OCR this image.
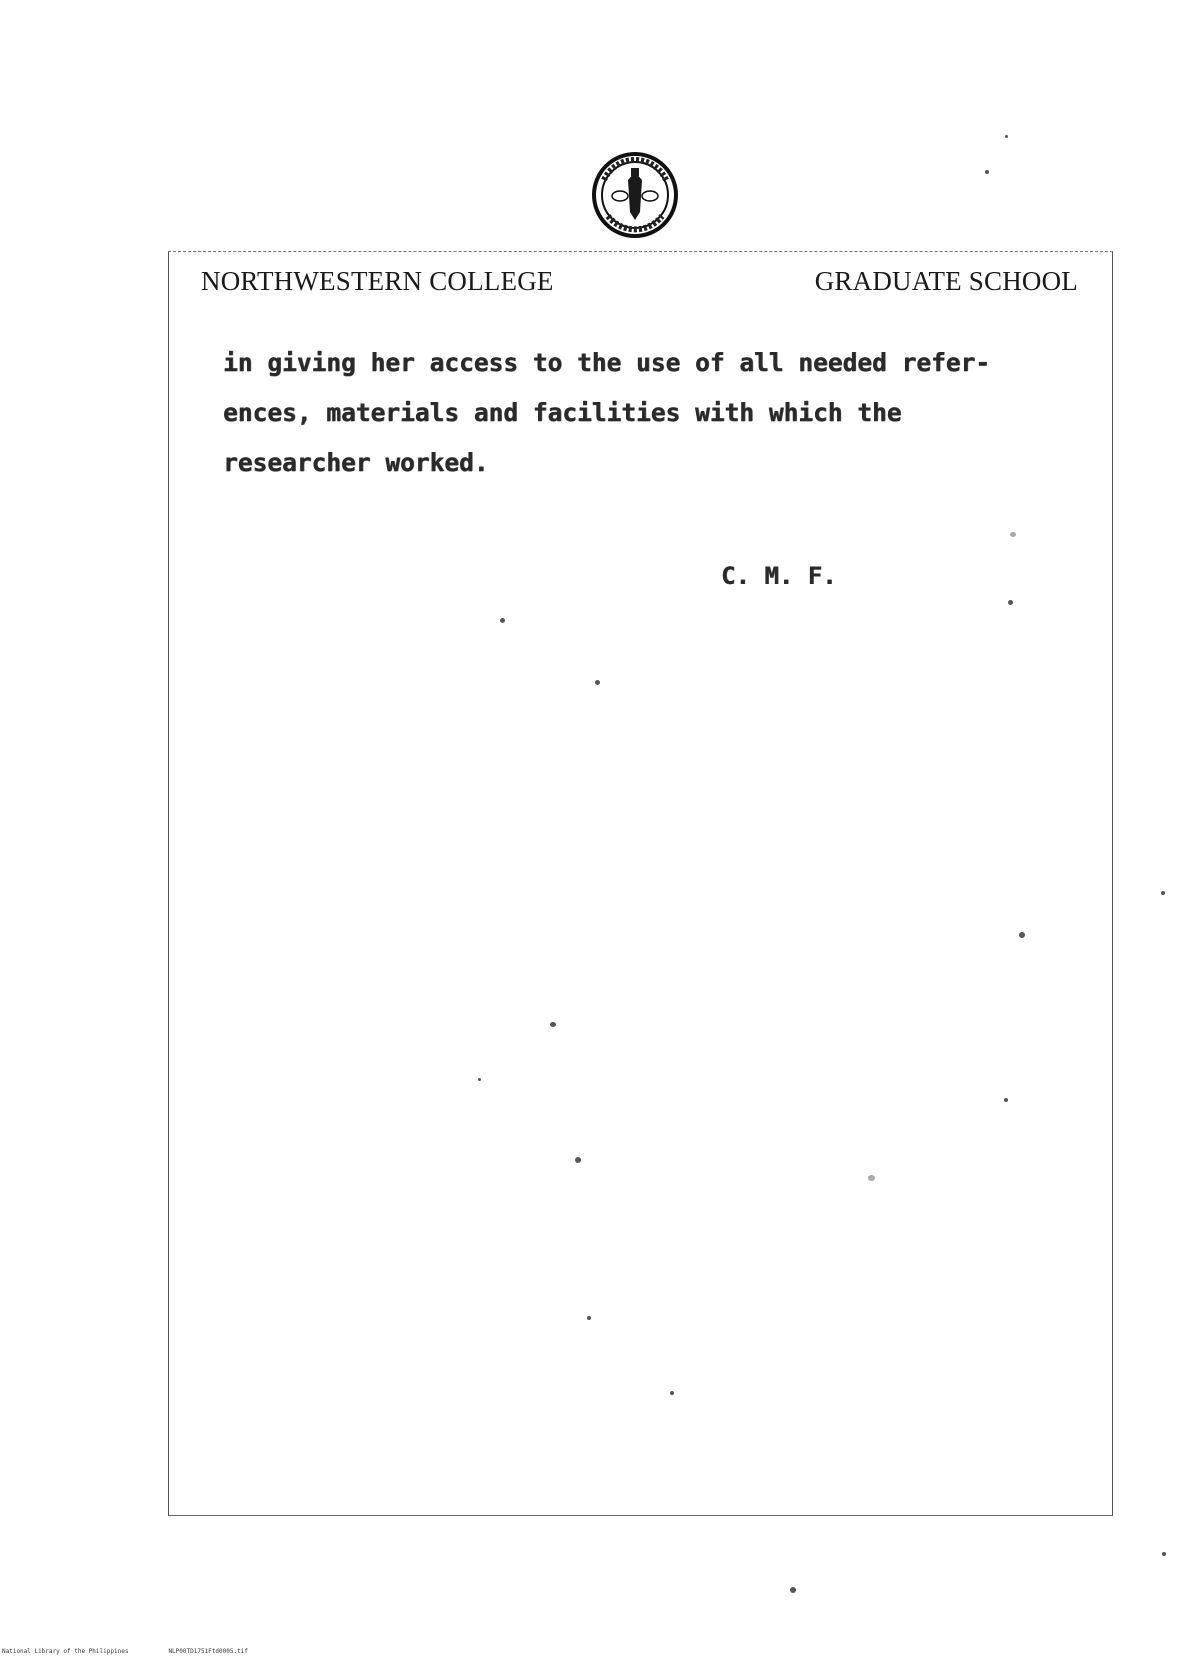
NORTHWESTERN COLLEGE	GRADUATE SCHOOL
in giving her access to the use of all needed refer-
ences, materials and facilities with which the
researcher worked.
C. M. F.
National Library of the Philippines	NLP00TD1751Ftd0005.tif
